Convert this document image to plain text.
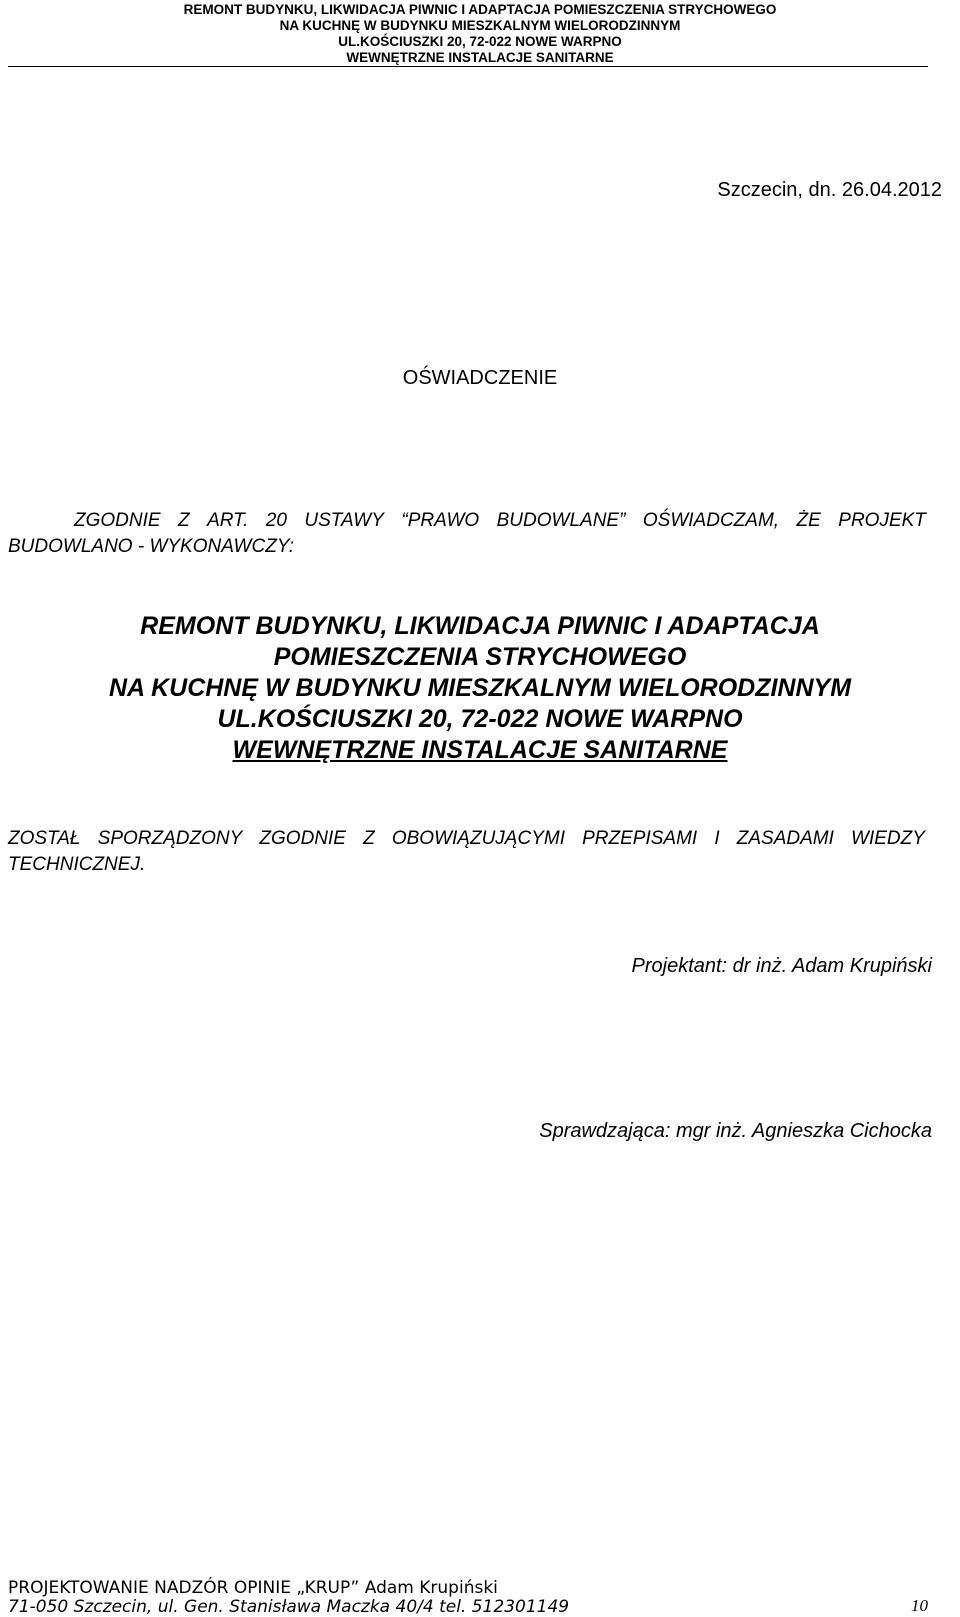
REMONT BUDYNKU, LIKWIDACJA PIWNIC I ADAPTACJA POMIESZCZENIA STRYCHOWEGO
NA KUCHNĘ W BUDYNKU MIESZKALNYM WIELORODZINNYM
UL.KOŚCIUSZKI 20, 72-022 NOWE WARPNO
WEWNĘTRZNE INSTALACJE SANITARNE
Szczecin, dn. 26.04.2012
OŚWIADCZENIE
ZGODNIE Z ART. 20 USTAWY “PRAWO BUDOWLANE” OŚWIADCZAM, ŻE PROJEKT
BUDOWLANO - WYKONAWCZY:
REMONT BUDYNKU, LIKWIDACJA PIWNIC I ADAPTACJA
POMIESZCZENIA STRYCHOWEGO
NA KUCHNĘ W BUDYNKU MIESZKALNYM WIELORODZINNYM
UL.KOŚCIUSZKI 20, 72-022 NOWE WARPNO
WEWNĘTRZNE INSTALACJE SANITARNE
ZOSTAŁ SPORZĄDZONY ZGODNIE Z OBOWIĄZUJĄCYMI PRZEPISAMI I ZASADAMI WIEDZY
TECHNICZNEJ.
Projektant: dr inż. Adam Krupiński
Sprawdzająca: mgr inż. Agnieszka Cichocka
PROJEKTOWANIE NADZÓR OPINIE „KRUP” Adam Krupiński
71-050 Szczecin, ul. Gen. Stanisława Maczka 40/4 tel. 512301149	10
